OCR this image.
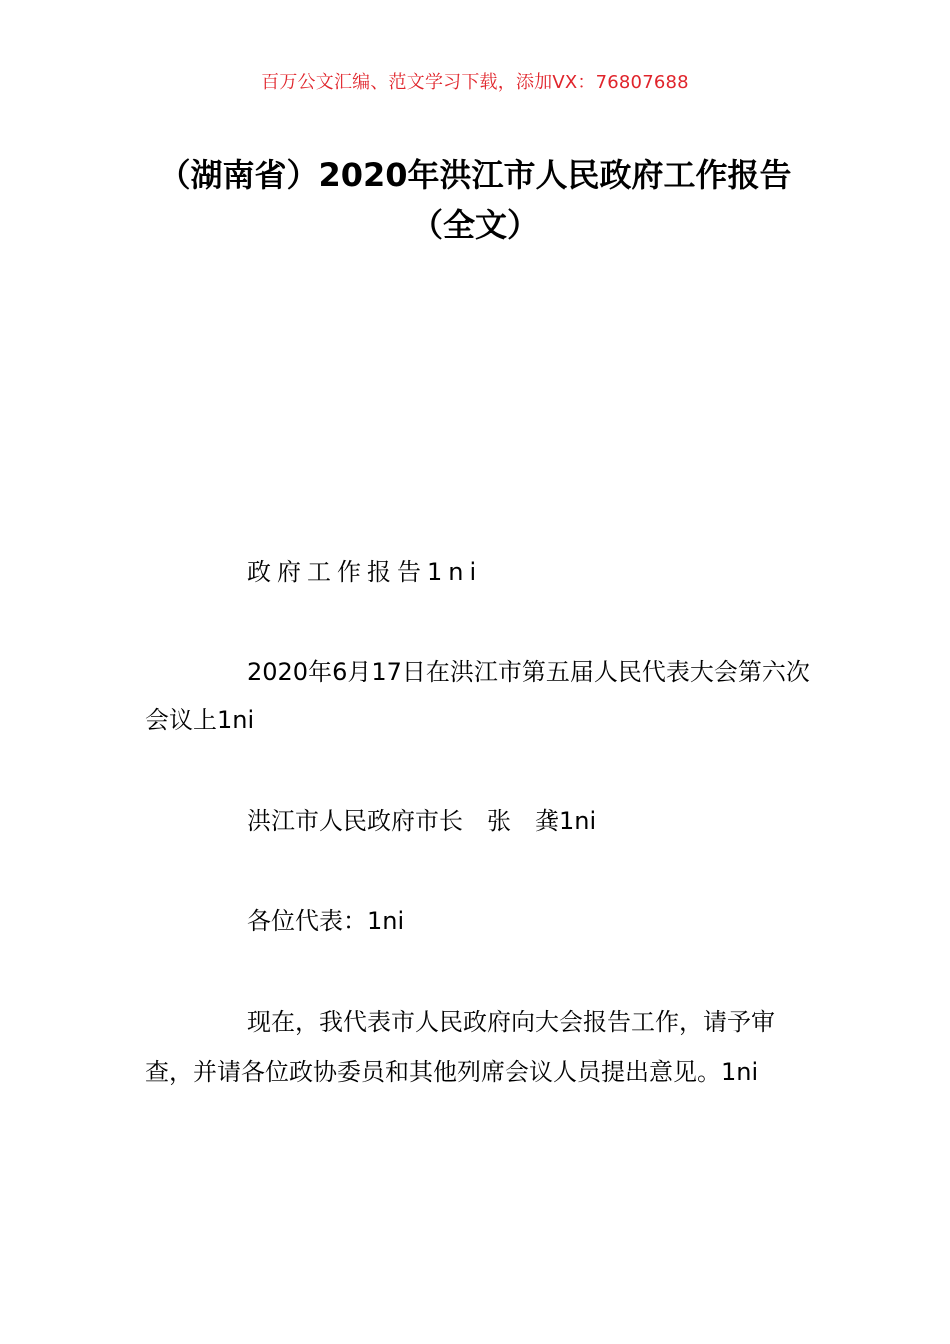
百万公文汇编、范文学习下载，添加VX：76807688
（湖南省）2020年洪江市人民政府工作报告（全文）

政府工作报告1ni

2020年6月17日在洪江市第五届人民代表大会第六次会议上1ni

洪江市人民政府市长　张　龚1ni

各位代表：1ni

现在，我代表市人民政府向大会报告工作，请予审查，并请各位政协委员和其他列席会议人员提出意见。1ni
